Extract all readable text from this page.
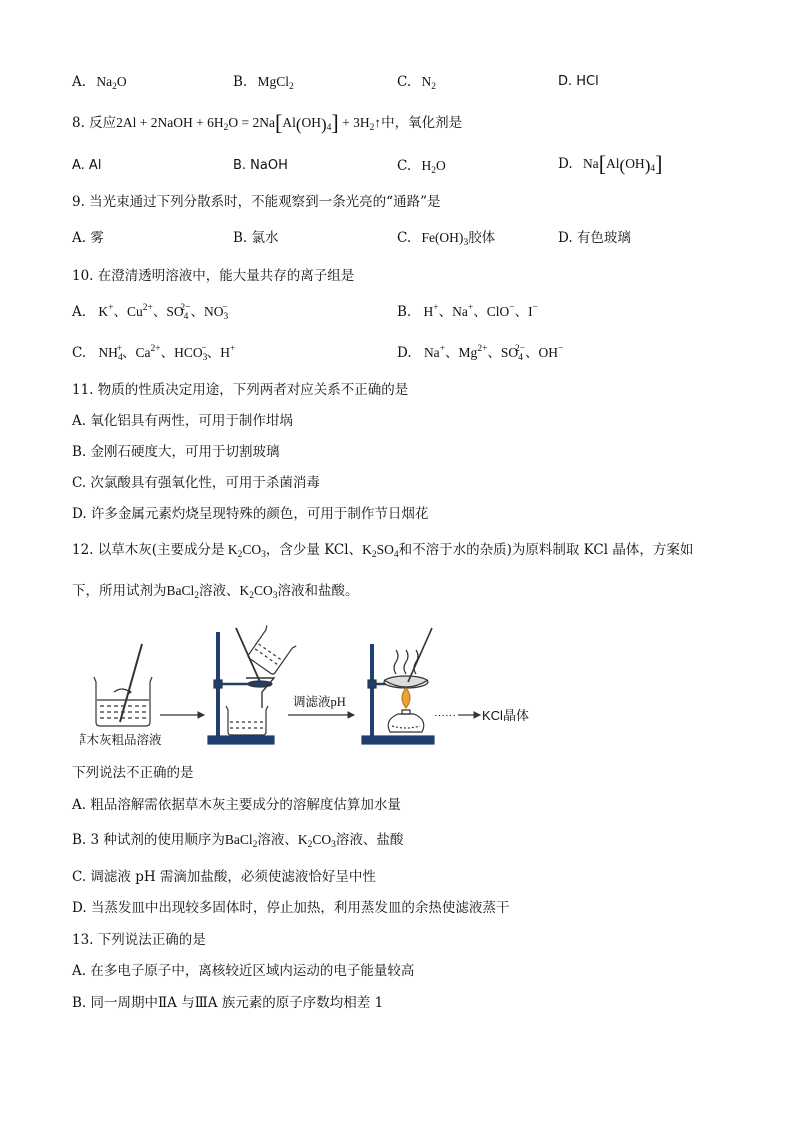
A. $Na_2O$	B. MgCl$_2$	C. $N_2$	D. HCl
8. 反应2Al + 2NaOH + $6H_2O = 2Na[Al(OH)_4]$ + $3H_2↑$中，氧化剂是
A. Al	B. NaOH	C. $H_2O$	D. $Na[Al(OH)_4]$
9. 当光束通过下列分散系时，不能观察到一条光亮的“通路”是
A. 雾	B. 氯水	C. $Fe(OH)_3$胶体	D. 有色玻璃
10. 在澄清透明溶液中，能大量共存的离子组是
A. K+、$Cu^{2+}$、$SO_4^{2-}$、$NO_3^-$	B. H+、Na+、ClO−、I−
C. $NH_4^+$、$Ca^{2+}$、$HCO_3^-$、H+	D. Na+、$Mg^{2+}$、$SO_4^{2-}$、OH−
11. 物质的性质决定用途，下列两者对应关系不正确的是
A. 氧化铝具有两性，可用于制作坩埚
B. 金刚石硬度大，可用于切割玻璃
C. 次氯酸具有强氧化性，可用于杀菌消毒
D. 许多金属元素灼烧呈现特殊的颜色，可用于制作节日烟花
12. 以草木灰(主要成分是 $K_2CO_3$，含少量 KCl、$K_2SO_4$和不溶于水的杂质)为原料制取 KCl 晶体，方案如
下，所用试剂为BaCl$_2$溶液、$K_2CO_3$溶液和盐酸。
调滤液pH
······ KCl晶体
草木灰粗品溶液
下列说法不正确的是
A. 粗品溶解需依据草木灰主要成分的溶解度估算加水量
B. 3 种试剂的使用顺序为BaCl$_2$溶液、$K_2CO_3$溶液、盐酸
C. 调滤液 pH 需滴加盐酸，必须使滤液恰好呈中性
D. 当蒸发皿中出现较多固体时，停止加热，利用蒸发皿的余热使滤液蒸干
13. 下列说法正确的是
A. 在多电子原子中，离核较近区域内运动的电子能量较高
B. 同一周期中ⅡA 与ⅢA 族元素的原子序数均相差 1
